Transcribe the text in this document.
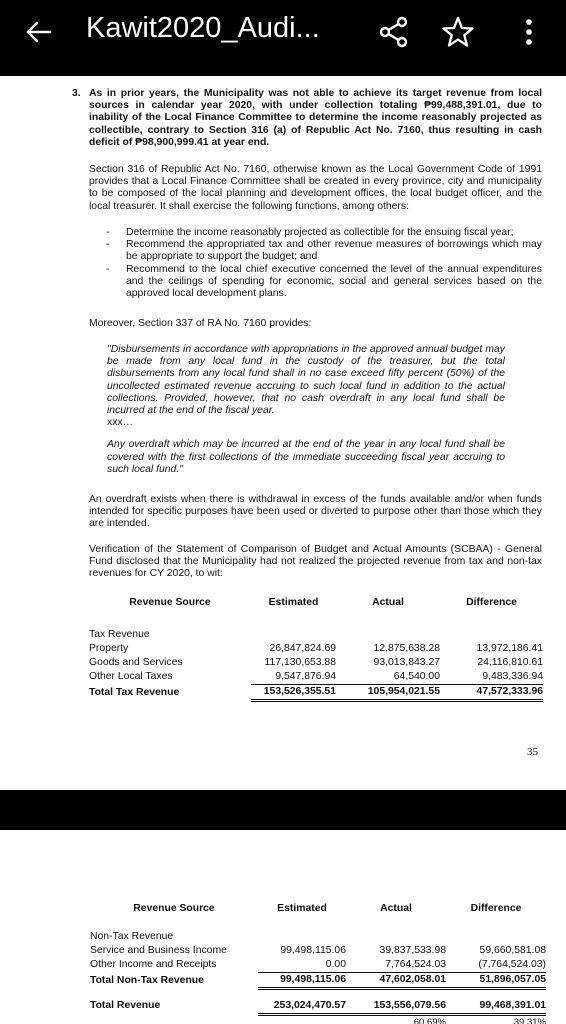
Kawit2020_Audi...
3. As in prior years, the Municipality was not able to achieve its target revenue from local sources in calendar year 2020, with under collection totaling ₱99,488,391.01, due to inability of the Local Finance Committee to determine the income reasonably projected as collectible, contrary to Section 316 (a) of Republic Act No. 7160, thus resulting in cash deficit of ₱98,900,999.41 at year end.
Section 316 of Republic Act No. 7160, otherwise known as the Local Government Code of 1991 provides that a Local Finance Committee shall be created in every province, city and municipality to be composed of the local planning and development offices, the local budget officer, and the local treasurer. It shall exercise the following functions, among others:
- Determine the income reasonably projected as collectible for the ensuing fiscal year;
- Recommend the appropriated tax and other revenue measures of borrowings which may be appropriate to support the budget; and
- Recommend to the local chief executive concerned the level of the annual expenditures and the ceilings of spending for economic, social and general services based on the approved local development plans.
Moreover, Section 337 of RA No. 7160 provides:
"Disbursements in accordance with appropriations in the approved annual budget may be made from any local fund in the custody of the treasurer, but the total disbursements from any local fund shall in no case exceed fifty percent (50%) of the uncollected estimated revenue accruing to such local fund in addition to the actual collections. Provided, however, that no cash overdraft in any local fund shall be incurred at the end of the fiscal year.
xxx…
Any overdraft which may be incurred at the end of the year in any local fund shall be covered with the first collections of the immediate succeeding fiscal year accruing to such local fund."
An overdraft exists when there is withdrawal in excess of the funds available and/or when funds intended for specific purposes have been used or diverted to purpose other than those which they are intended.
Verification of the Statement of Comparison of Budget and Actual Amounts (SCBAA) - General Fund disclosed that the Municipality had not realized the projected revenue from tax and non-tax revenues for CY 2020, to wit:
Revenue Source	Estimated	Actual	Difference

Tax Revenue			
Property	26,847,824.69	12,875,638.28	13,972,186.41
Goods and Services	117,130,653.88	93,013,843.27	24,116,810.61
Other Local Taxes	9,547,876.94	64,540.00	9,483,336.94
Total Tax Revenue	153,526,355.51	105,954,021.55	47,572,333.96
35
Revenue Source	Estimated	Actual	Difference

Non-Tax Revenue			
Service and Business Income	99,498,115.06	39,837,533.98	59,660,581.08
Other Income and Receipts	0.00	7,764,524.03	(7,764,524.03)
Total Non-Tax Revenue	99,498,115.06	47,602,058.01	51,896,057.05

Total Revenue	253,024,470.57	153,556,079.56	99,468,391.01
		60.69%	39.31%
